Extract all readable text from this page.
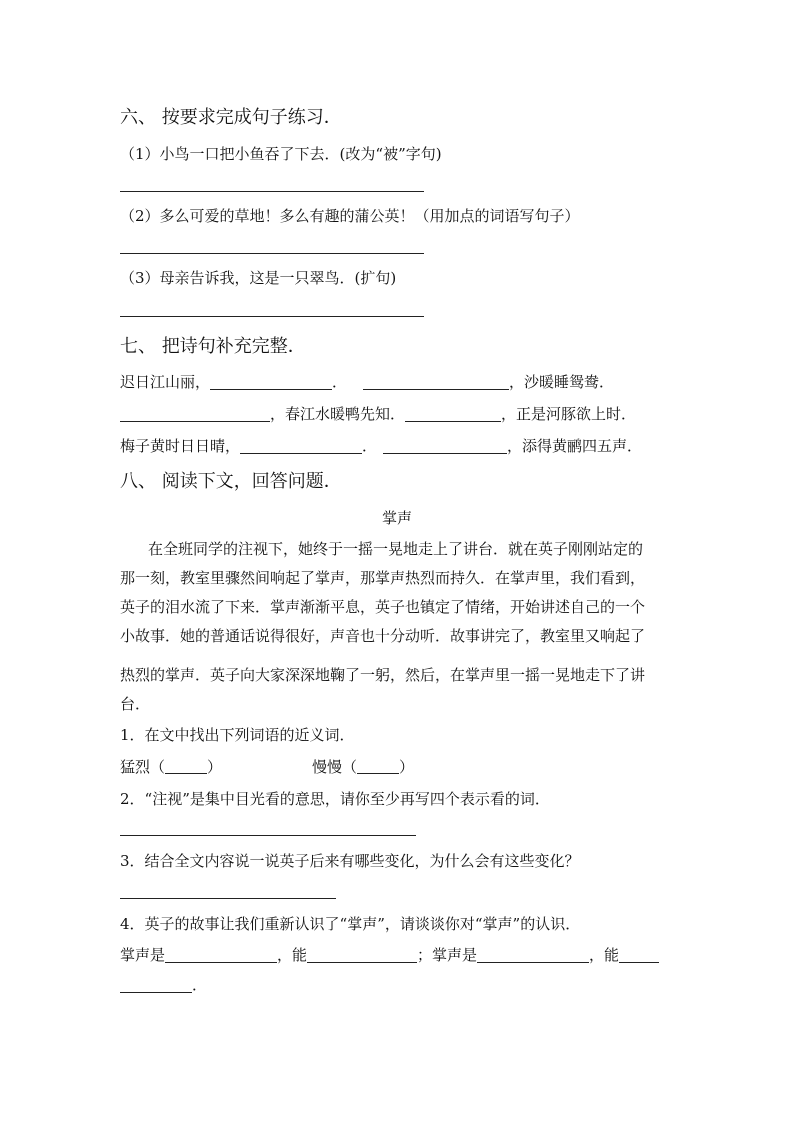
六、 按要求完成句子练习．
（1）小鸟一口把小鱼吞了下去．(改为“被”字句)
（2）多么可爱的草地！多么有趣的蒲公英！（用加点的词语写句子）
（3）母亲告诉我，这是一只翠鸟．(扩句)
七、 把诗句补充完整．
迟日江山丽，	．	，沙暖睡鸳鸯．
，春江水暖鸭先知．	，正是河豚欲上时．
梅子黄时日日晴，	．	，添得黄鹂四五声．
八、 阅读下文，回答问题．
掌声
在全班同学的注视下，她终于一摇一晃地走上了讲台．就在英子刚刚站定的
那一刻，教室里骤然间响起了掌声，那掌声热烈而持久．在掌声里，我们看到，
英子的泪水流了下来．掌声渐渐平息，英子也镇定了情绪，开始讲述自己的一个
小故事．她的普通话说得很好，声音也十分动听．故事讲完了，教室里又响起了
热烈的掌声．英子向大家深深地鞠了一躬，然后，在掌声里一摇一晃地走下了讲
台．
1．在文中找出下列词语的近义词．
猛烈（	）	慢慢（	）
2．“注视”是集中目光看的意思，请你至少再写四个表示看的词．
3．结合全文内容说一说英子后来有哪些变化，为什么会有这些变化？
4．英子的故事让我们重新认识了“掌声”，请谈谈你对“掌声”的认识．
掌声是	，能	；掌声是	，能
．
